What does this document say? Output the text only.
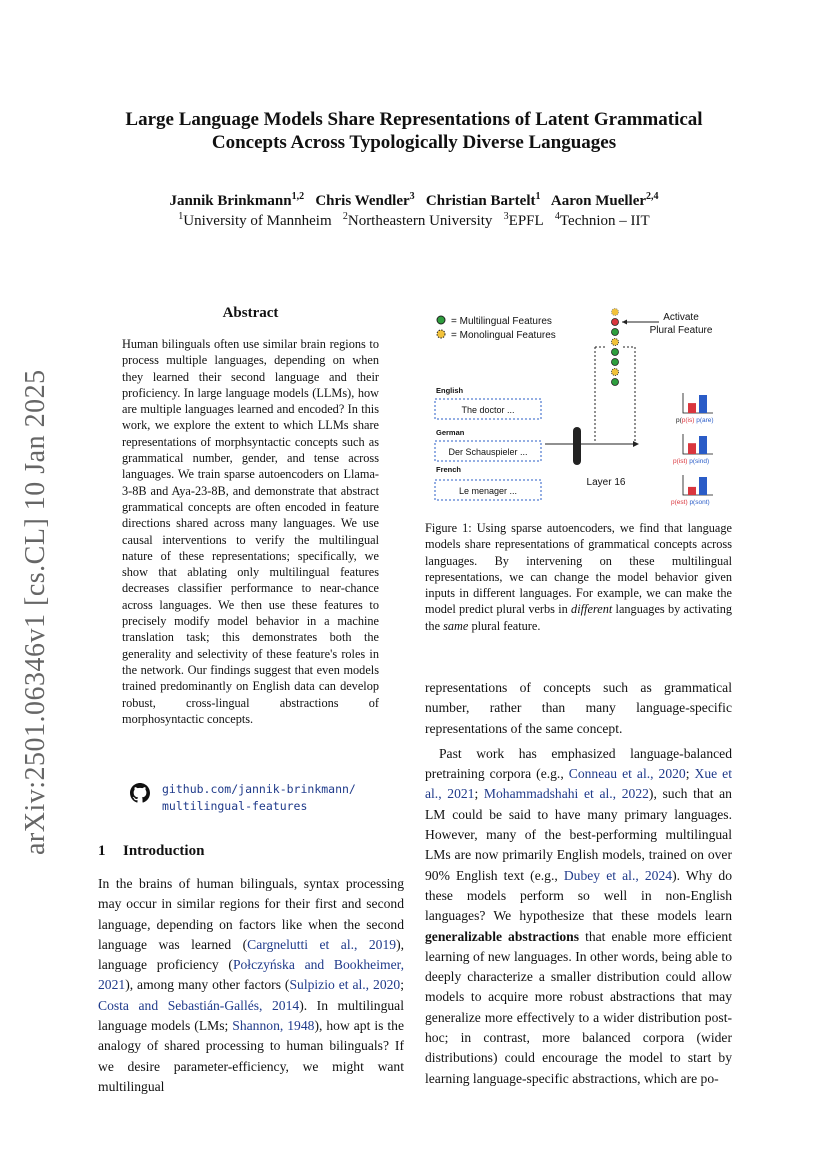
arXiv:2501.06346v1 [cs.CL] 10 Jan 2025
Large Language Models Share Representations of Latent Grammatical
Concepts Across Typologically Diverse Languages
Jannik Brinkmann$^{1,2}$ Chris Wendler$^3$ Christian Bartelt$^1$ Aaron Mueller$^{2,4}$
$^1$University of Mannheim $^2$Northeastern University $^3$EPFL $^4$Technion – IIT
Abstract
Human bilinguals often use similar brain regions to process multiple languages, depending on when they learned their second language and their proficiency. In large language models (LLMs), how are multiple languages learned and encoded? In this work, we explore the extent to which LLMs share representations of morphsyntactic concepts such as grammatical number, gender, and tense across languages. We train sparse autoencoders on Llama-3-8B and Aya-23-8B, and demonstrate that abstract grammatical concepts are often encoded in feature directions shared across many languages. We use causal interventions to verify the multilingual nature of these representations; specifically, we show that ablating only multilingual features decreases classifier performance to near-chance across languages. We then use these features to precisely modify model behavior in a machine translation task; this demonstrates both the generality and selectivity of these feature's roles in the network. Our findings suggest that even models trained predominantly on English data can develop robust, cross-lingual abstractions of morphosyntactic concepts.
github.com/jannik-brinkmann/
multilingual-features
1 Introduction
In the brains of human bilinguals, syntax processing may occur in similar regions for their first and second language, depending on factors like when the second language was learned (Cargnelutti et al., 2019), language proficiency (Połczyńska and Bookheimer, 2021), among many other factors (Sulpizio et al., 2020; Costa and Sebastián-Gallés, 2014). In multilingual language models (LMs; Shannon, 1948), how apt is the analogy of shared processing to human bilinguals? If we desire parameter-efficiency, we might want multilingual
= Multilingual Features
= Monolingual Features
Activate
Plural Feature
English
German
French
The doctor ...
Der Schauspieler ...
Le menager ...
Layer 16
p(p(is) p(are)
p(ist) p(sind)
p(est) p(sont)
Figure 1: Using sparse autoencoders, we find that language models share representations of grammatical concepts across languages. By intervening on these multilingual representations, we can change the model behavior given inputs in different languages. For example, we can make the model predict plural verbs in different languages by activating the same plural feature.

representations of concepts such as grammatical number, rather than many language-specific representations of the same concept.

Past work has emphasized language-balanced pretraining corpora (e.g., Conneau et al., 2020; Xue et al., 2021; Mohammadshahi et al., 2022), such that an LM could be said to have many primary languages. However, many of the best-performing multilingual LMs are now primarily English models, trained on over 90% English text (e.g., Dubey et al., 2024). Why do these models perform so well in non-English languages? We hypothesize that these models learn generalizable abstractions that enable more efficient learning of new languages. In other words, being able to deeply characterize a smaller distribution could allow models to acquire more robust abstractions that may generalize more effectively to a wider distribution post-hoc; in contrast, more balanced corpora (wider distributions) could encourage the model to start by learning language-specific abstractions, which are po-
